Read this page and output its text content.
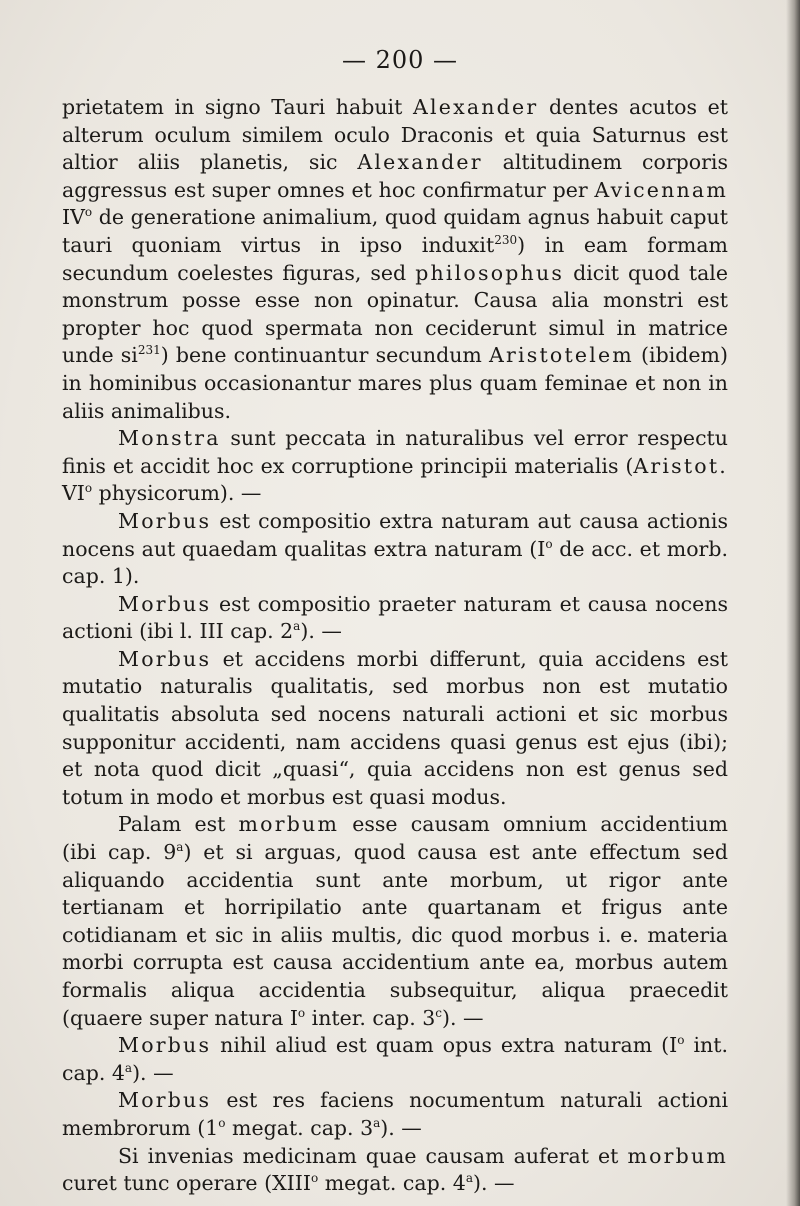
— 200 —

prietatem in signo Tauri habuit Alexander dentes acutos et alterum oculum similem oculo Draconis et quia Saturnus est altior aliis planetis, sic Alexander altitudinem corporis aggressus est super omnes et hoc confirmatur per Avicennam $IV^o$ de generatione animalium, quod quidam agnus habuit caput tauri quoniam virtus in ipso induxit$^{230}$) in eam formam secundum coelestes figuras, sed philosophus dicit quod tale monstrum posse esse non opinatur. Causa alia monstri est propter hoc quod spermata non ceciderunt simul in matrice unde $si^{231}$) bene continuantur secundum Aristotelem (ibidem) in hominibus occasionantur mares plus quam feminae et non in aliis animalibus.

Monstra sunt peccata in naturalibus vel error respectu finis et accidit hoc ex corruptione principii materialis (Aristot. $VI^o$ physicorum). —

Morbus est compositio extra naturam aut causa actionis nocens aut quaedam qualitas extra naturam ($I^o$ de acc. et morb. cap. 1).

Morbus est compositio praeter naturam et causa nocens actioni (ibi l. III cap. 2$^a$). —

Morbus et accidens morbi differunt, quia accidens est mutatio naturalis qualitatis, sed morbus non est mutatio qualitatis absoluta sed nocens naturali actioni et sic morbus supponitur accidenti, nam accidens quasi genus est ejus (ibi); et nota quod dicit „quasi“, quia accidens non est genus sed totum in modo et morbus est quasi modus.

Palam est morbum esse causam omnium accidentium (ibi cap. 9$^a$) et si arguas, quod causa est ante effectum sed aliquando accidentia sunt ante morbum, ut rigor ante tertianam et horripilatio ante quartanam et frigus ante cotidianam et sic in aliis multis, dic quod morbus i. e. materia morbi corrupta est causa accidentium ante ea, morbus autem formalis aliqua accidentia subsequitur, aliqua praecedit (quaere super natura $I^o$ inter. cap. 3$^c$). —

Morbus nihil aliud est quam opus extra naturam ($I^o$ int. cap. 4$^a$). —

Morbus est res faciens nocumentum naturali actioni membrorum (1$^o$ megat. cap. 3$^a$). —

Si invenias medicinam quae causam auferat et morbum curet tunc operare (XIII$^o$ megat. cap. 4$^a$). —
